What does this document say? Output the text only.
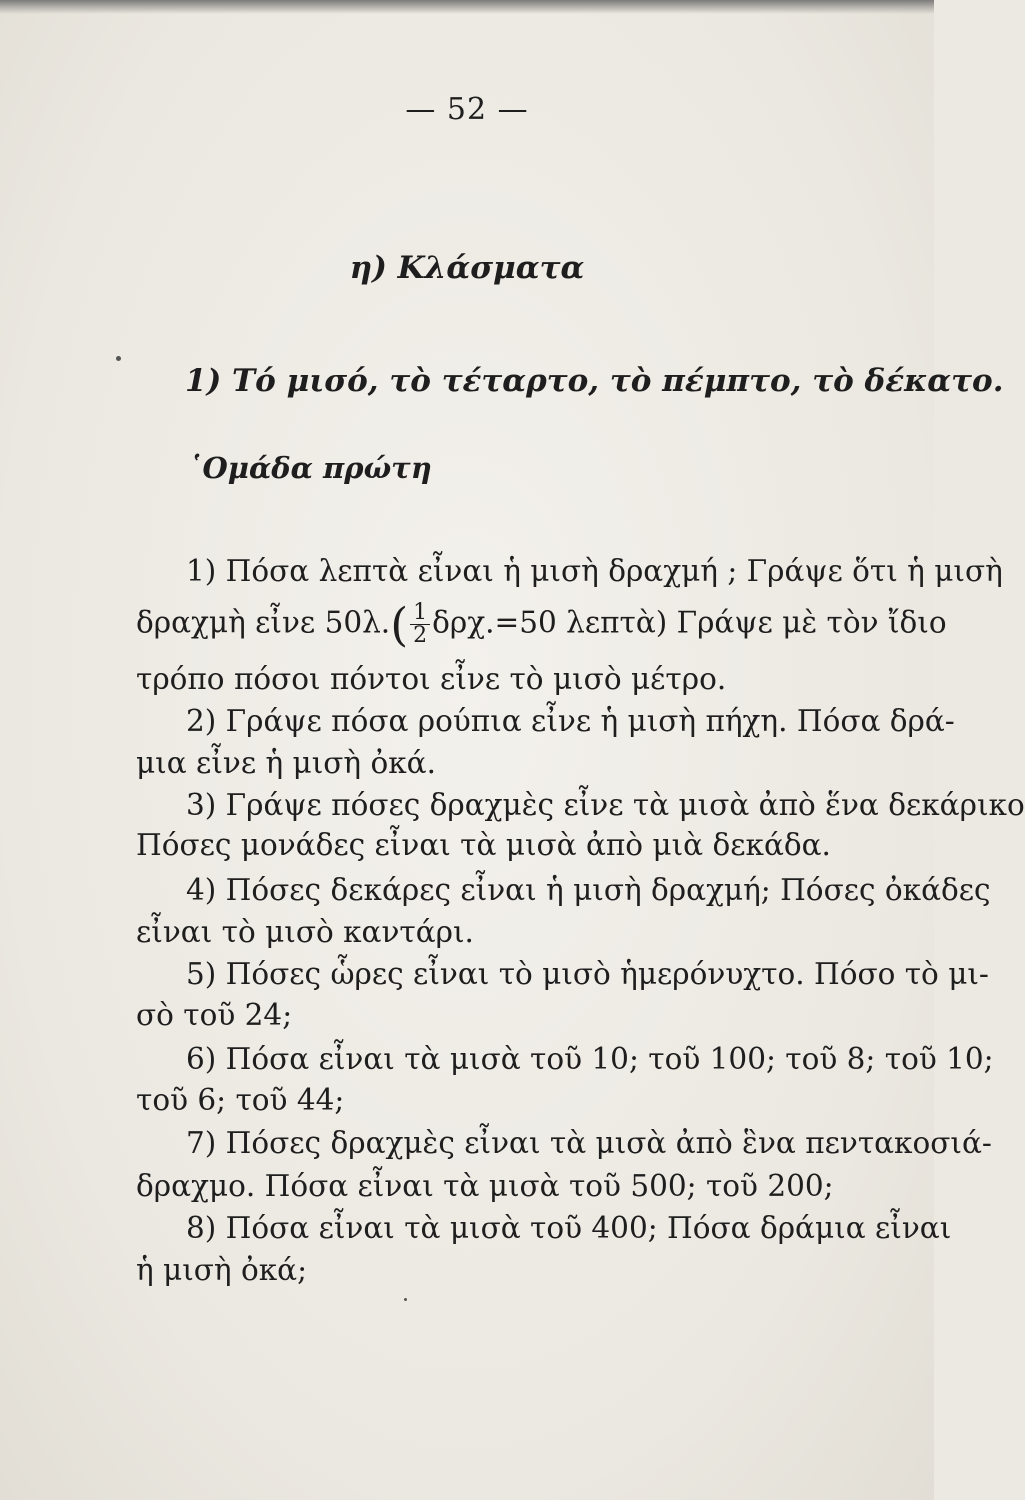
— 52 —
η) Κλάσματα
1) Τό μισό, τὸ τέταρτο, τὸ πέμπτο, τὸ δέκατο.
῾Ομάδα πρώτη
1) Πόσα λεπτὰ εἶναι ἡ μισὴ δραχμή ; Γράψε ὅτι ἡ μισὴ
δραχμὴ εἶνε $50\lambda.( \frac{1}{2} \delta\rho\chi.=50$ λεπτὰ) Γράψε μὲ τὸν ἴδιο
τρόπο πόσοι πόντοι εἶνε τὸ μισὸ μέτρο.
2) Γράψε πόσα ρούπια εἶνε ἡ μισὴ πήχη. Πόσα δρά-
μια εἶνε ἡ μισὴ ὀκά.
3) Γράψε πόσες δραχμὲς εἶνε τὰ μισὰ ἀπὸ ἕνα δεκάρικο
Πόσες μονάδες εἶναι τὰ μισὰ ἀπὸ μιὰ δεκάδα.
4) Πόσες δεκάρες εἶναι ἡ μισὴ δραχμή; Πόσες ὀκάδες
εἶναι τὸ μισὸ καντάρι.
5) Πόσες ὧρες εἶναι τὸ μισὸ ἡμερόνυχτο. Πόσο τὸ μι-
σὸ τοῦ 24;
6) Πόσα εἶναι τὰ μισὰ τοῦ 10; τοῦ 100; τοῦ 8; τοῦ 10;
τοῦ 6; τοῦ 44;
7) Πόσες δραχμὲς εἶναι τὰ μισὰ ἀπὸ ἓνα πεντακοσιά-
δραχμο. Πόσα εἶναι τὰ μισὰ τοῦ 500; τοῦ 200;
8) Πόσα εἶναι τὰ μισὰ τοῦ 400; Πόσα δράμια εἶναι
ἡ μισὴ ὀκά;
